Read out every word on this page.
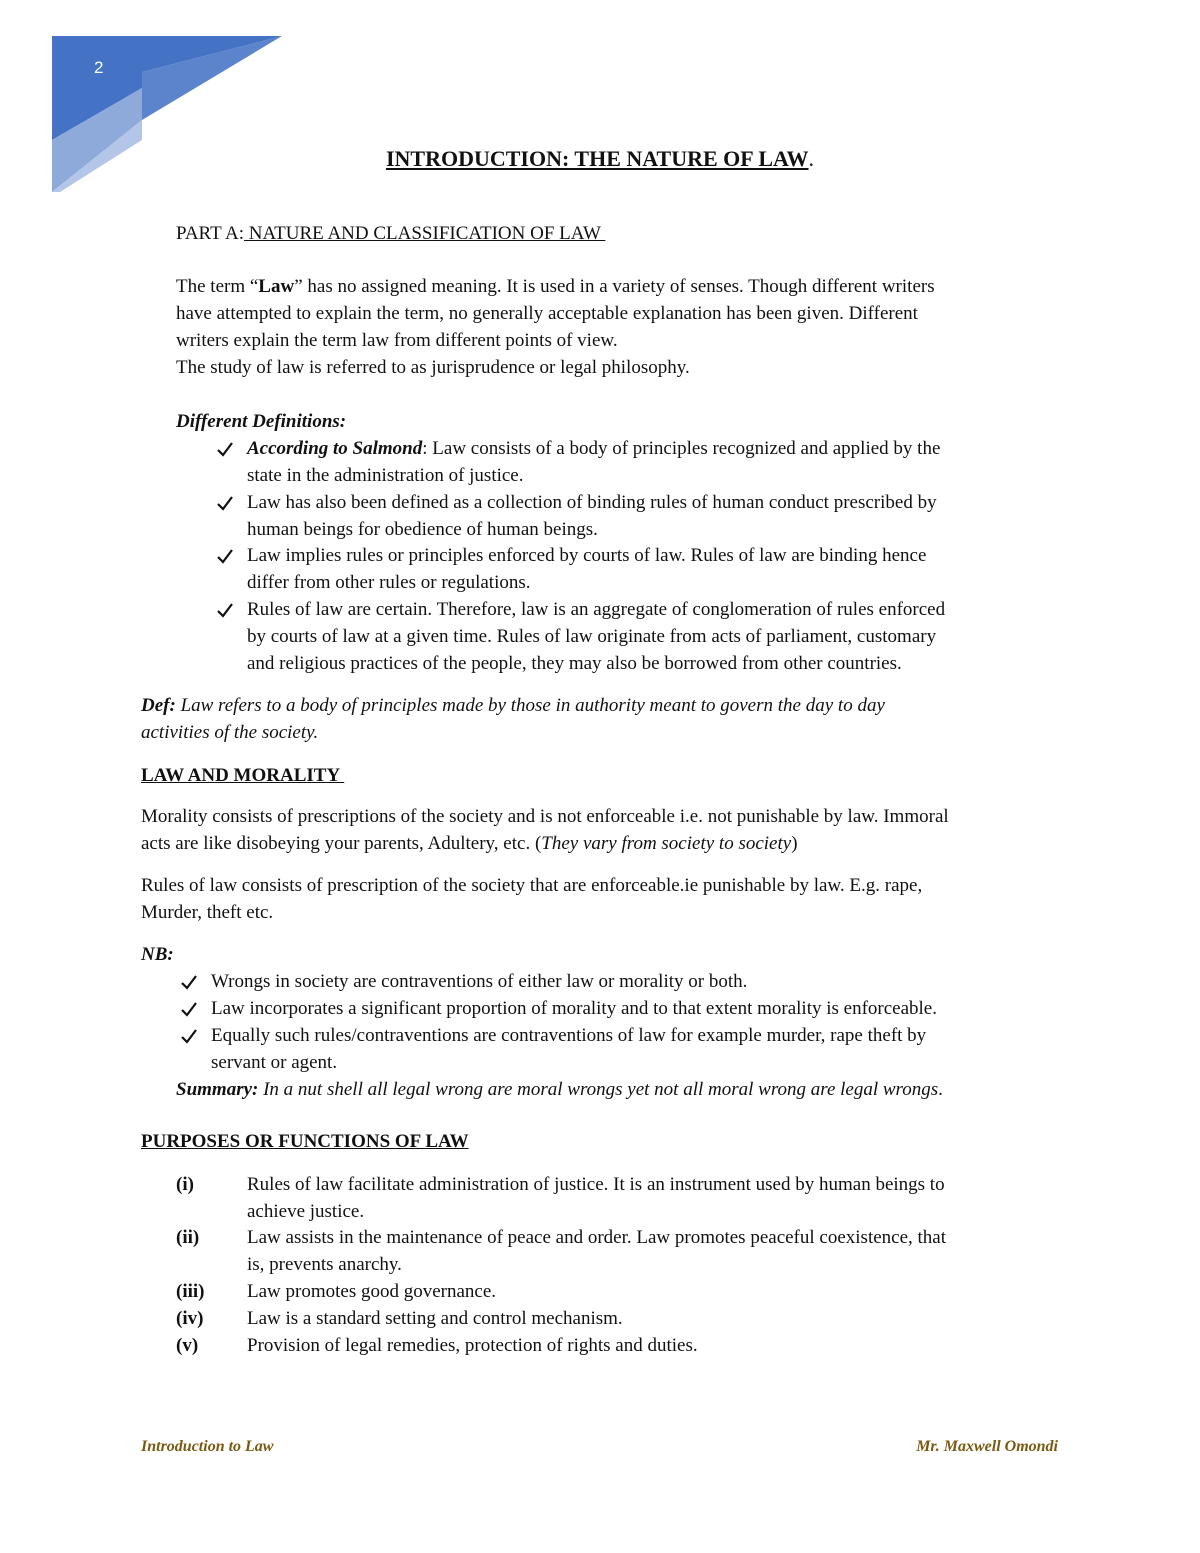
2
INTRODUCTION: THE NATURE OF LAW.
PART A: NATURE AND CLASSIFICATION OF LAW
The term “Law” has no assigned meaning. It is used in a variety of senses. Though different writers
have attempted to explain the term, no generally acceptable explanation has been given. Different
writers explain the term law from different points of view.
The study of law is referred to as jurisprudence or legal philosophy.
Different Definitions:
According to Salmond: Law consists of a body of principles recognized and applied by the
state in the administration of justice.
Law has also been defined as a collection of binding rules of human conduct prescribed by
human beings for obedience of human beings.
Law implies rules or principles enforced by courts of law. Rules of law are binding hence
differ from other rules or regulations.
Rules of law are certain. Therefore, law is an aggregate of conglomeration of rules enforced
by courts of law at a given time. Rules of law originate from acts of parliament, customary
and religious practices of the people, they may also be borrowed from other countries.
Def: Law refers to a body of principles made by those in authority meant to govern the day to day
activities of the society.
LAW AND MORALITY
Morality consists of prescriptions of the society and is not enforceable i.e. not punishable by law. Immoral
acts are like disobeying your parents, Adultery, etc. (They vary from society to society)
Rules of law consists of prescription of the society that are enforceable.ie punishable by law. E.g. rape,
Murder, theft etc.
NB:
Wrongs in society are contraventions of either law or morality or both.
Law incorporates a significant proportion of morality and to that extent morality is enforceable.
Equally such rules/contraventions are contraventions of law for example murder, rape theft by
servant or agent.
Summary: In a nut shell all legal wrong are moral wrongs yet not all moral wrong are legal wrongs.
PURPOSES OR FUNCTIONS OF LAW
(i)	Rules of law facilitate administration of justice. It is an instrument used by human beings to
achieve justice.
(ii)	Law assists in the maintenance of peace and order. Law promotes peaceful coexistence, that
is, prevents anarchy.
(iii) Law promotes good governance.
(iv) Law is a standard setting and control mechanism.
(v)	Provision of legal remedies, protection of rights and duties.
Introduction to Law	Mr. Maxwell Omondi
